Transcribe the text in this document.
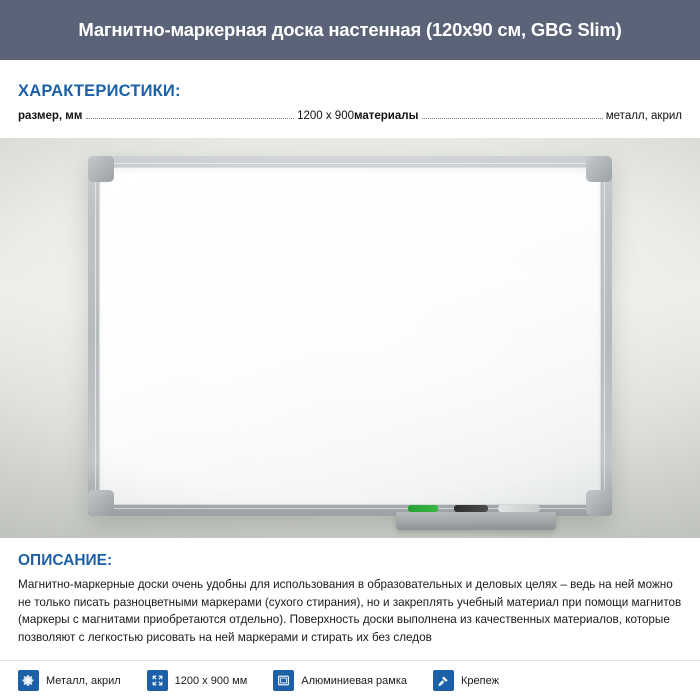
Магнитно-маркерная доска настенная (120x90 см, GBG Slim)
ХАРАКТЕРИСТИКИ:
размер, мм	1200 x 900 материалы	металл, акрил
ОПИСАНИЕ:
Магнитно-маркерные доски очень удобны для использования в образовательных и деловых целях – ведь на ней можно не только писать разноцветными маркерами (сухого стирания), но и закреплять учебный материал при помощи магнитов (маркеры с магнитами приобретаются отдельно). Поверхность доски выполнена из качественных материалов, которые позволяют с легкостью рисовать на ней маркерами и стирать их без следов
Металл, акрил	1200 x 900 мм	Алюминиевая рамка	Крепеж
